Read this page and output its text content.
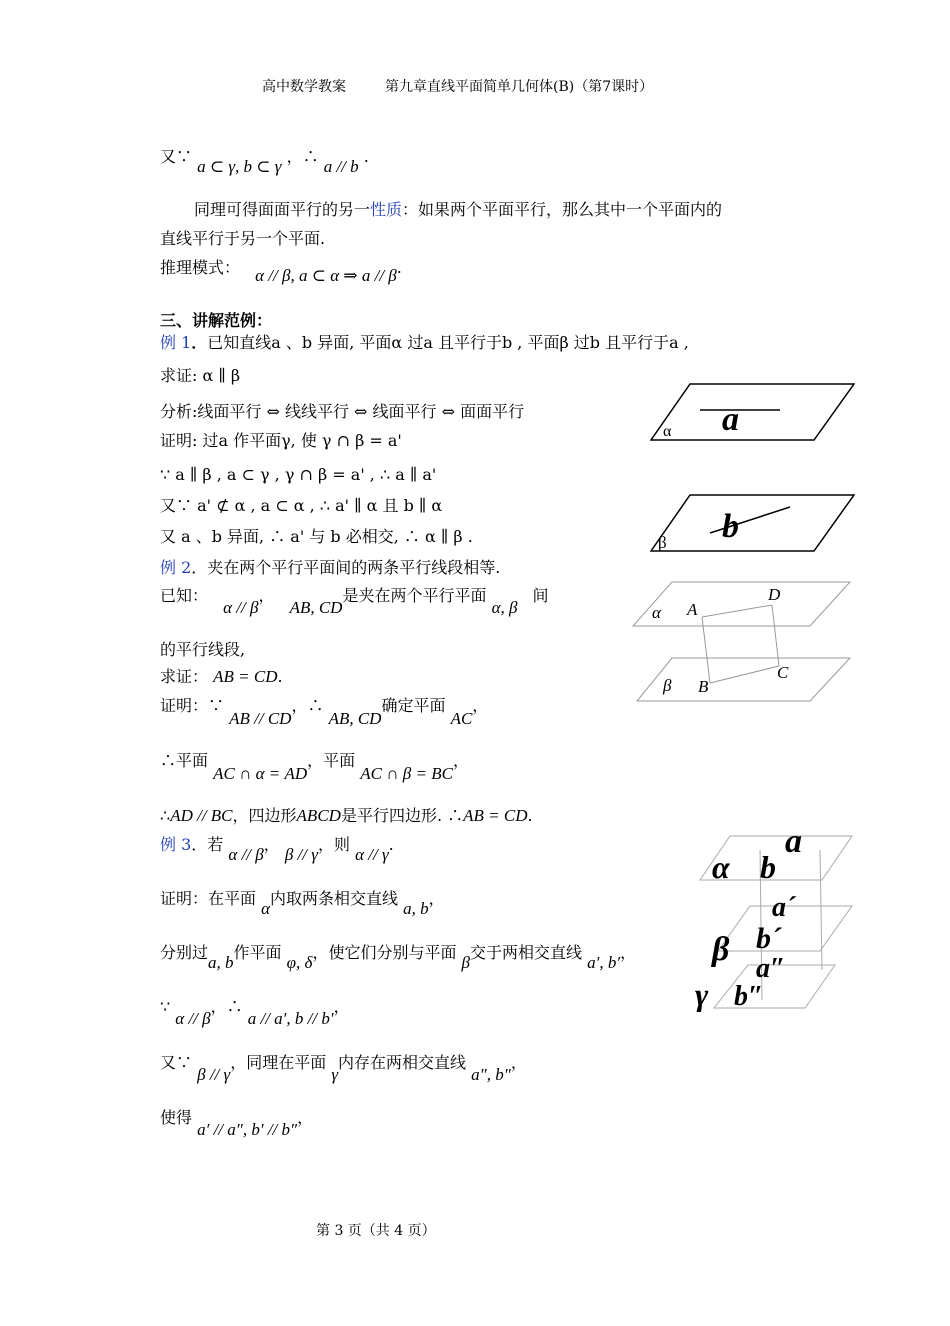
高中数学教案	第九章直线平面简单几何体(B)（第7课时）
又∵ a ⊂ γ, b ⊂ γ ，∴ a // b .
同理可得面面平行的另一性质：如果两个平面平行，那么其中一个平面内的
直线平行于另一个平面.
推理模式： α // β, a ⊂ α ⇒ a // β.
三、讲解范例：
例 1．已知直线a 、b 异面, 平面α 过a 且平行于b , 平面β 过b 且平行于a ,
求证: α ∥ β
分析:线面平行 ⇔ 线线平行 ⇔ 线面平行 ⇔ 面面平行
证明: 过a 作平面γ, 使 γ ∩ β = a'
∵ a ∥ β , a ⊂ γ , γ ∩ β = a' , ∴ a ∥ a'
又∵ a' ⊄ α , a ⊂ α , ∴ a' ∥ α 且 b ∥ α
又 a 、b 异面, ∴ a' 与 b 必相交, ∴ α ∥ β .
例 2．夹在两个平行平面间的两条平行线段相等.
已知： α // β， AB, CD是夹在两个平行平面 α, β 间
的平行线段,
求证： AB = CD.
证明：∵ AB // CD，∴ AB, CD确定平面 AC，
∴平面 AC ∩ α = AD，平面 AC ∩ β = BC，
∴AD // BC，四边形ABCD是平行四边形. ∴AB = CD.
例 3．若 α // β， β // γ，则 α // γ.
证明：在平面 α内取两条相交直线 a, b，
分别过a, b作平面 φ, δ，使它们分别与平面 β交于两相交直线 a′, b′，
∵ α // β，∴ a // a′, b // b′，
又∵ β // γ，同理在平面 γ内存在两相交直线 a″, b″，
使得 a′ // a″, b′ // b″，
α a
β b
α A
D
β B
C
a
α b
a´
β b´
a″
γ b″
第 3 页（共 4 页）
